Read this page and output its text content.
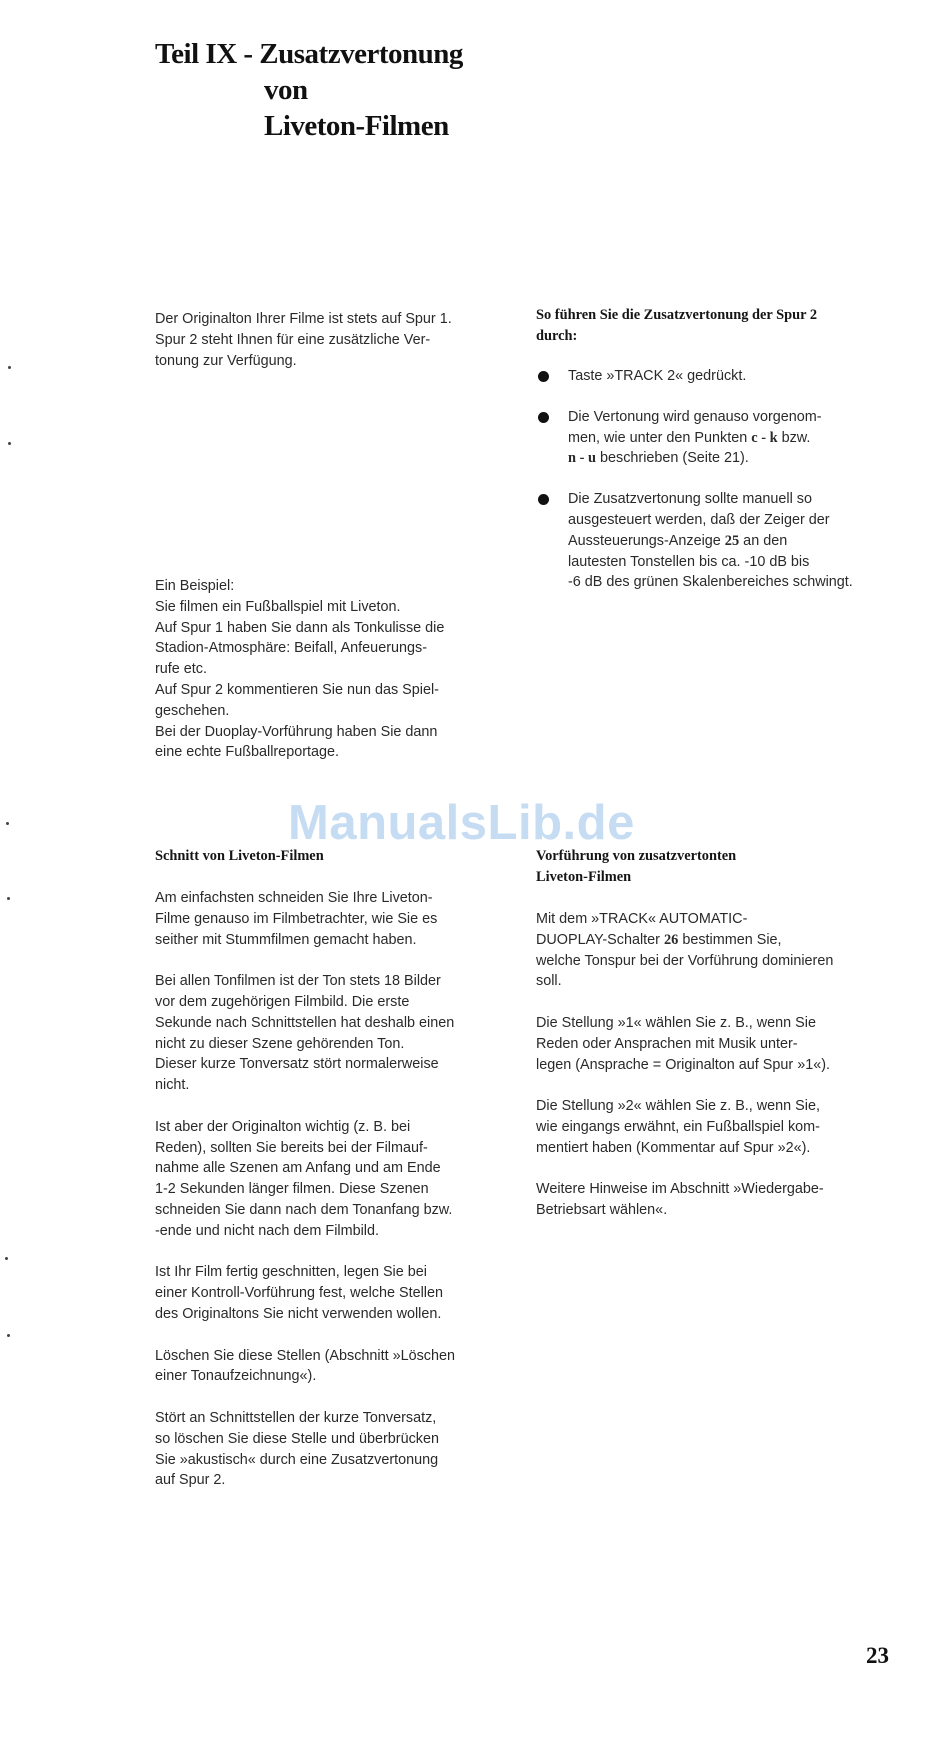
Teil IX - Zusatzvertonung
von
Liveton-Filmen

Der Originalton Ihrer Filme ist stets auf Spur 1.

Spur 2 steht Ihnen für eine zusätzliche Ver-

tonung zur Verfügung.

Ein Beispiel:

Sie filmen ein Fußballspiel mit Liveton.

Auf Spur 1 haben Sie dann als Tonkulisse die

Stadion-Atmosphäre: Beifall, Anfeuerungs-

rufe etc.

Auf Spur 2 kommentieren Sie nun das Spiel-

geschehen.

Bei der Duoplay-Vorführung haben Sie dann

eine echte Fußballreportage.

So führen Sie die Zusatzvertonung der Spur 2

durch:

Taste »TRACK 2« gedrückt.

Die Vertonung wird genauso vorgenom-

men, wie unter den Punkten c - k bzw.

n - u beschrieben (Seite 21).

Die Zusatzvertonung sollte manuell so

ausgesteuert werden, daß der Zeiger der

Aussteuerungs-Anzeige 25 an den

lautesten Tonstellen bis ca. -10 dB bis

-6 dB des grünen Skalenbereiches schwingt.

ManualsLib.de

Schnitt von Liveton-Filmen

Am einfachsten schneiden Sie Ihre Liveton-

Filme genauso im Filmbetrachter, wie Sie es

seither mit Stummfilmen gemacht haben.

Bei allen Tonfilmen ist der Ton stets 18 Bilder

vor dem zugehörigen Filmbild. Die erste

Sekunde nach Schnittstellen hat deshalb einen

nicht zu dieser Szene gehörenden Ton.

Dieser kurze Tonversatz stört normalerweise

nicht.

Ist aber der Originalton wichtig (z. B. bei

Reden), sollten Sie bereits bei der Filmauf-

nahme alle Szenen am Anfang und am Ende

1-2 Sekunden länger filmen. Diese Szenen

schneiden Sie dann nach dem Tonanfang bzw.

-ende und nicht nach dem Filmbild.

Ist Ihr Film fertig geschnitten, legen Sie bei

einer Kontroll-Vorführung fest, welche Stellen

des Originaltons Sie nicht verwenden wollen.

Löschen Sie diese Stellen (Abschnitt »Löschen

einer Tonaufzeichnung«).

Stört an Schnittstellen der kurze Tonversatz,

so löschen Sie diese Stelle und überbrücken

Sie »akustisch« durch eine Zusatzvertonung

auf Spur 2.

Vorführung von zusatzvertonten

Liveton-Filmen

Mit dem »TRACK« AUTOMATIC-

DUOPLAY-Schalter 26 bestimmen Sie,

welche Tonspur bei der Vorführung dominieren

soll.

Die Stellung »1« wählen Sie z. B., wenn Sie

Reden oder Ansprachen mit Musik unter-

legen (Ansprache = Originalton auf Spur »1«).

Die Stellung »2« wählen Sie z. B., wenn Sie,

wie eingangs erwähnt, ein Fußballspiel kom-

mentiert haben (Kommentar auf Spur »2«).

Weitere Hinweise im Abschnitt »Wiedergabe-

Betriebsart wählen«.

23
